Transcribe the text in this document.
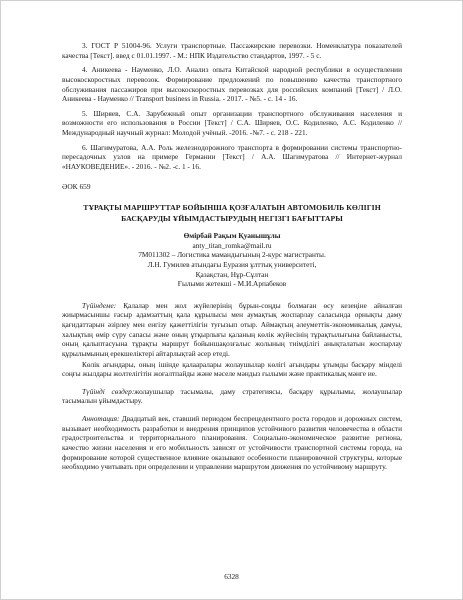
3. ГОСТ Р 51004-96. Услуги транспортные. Пассажирские перевозки. Номенклатура показателей качества [Текст]. введ с 01.01.1997. - М.: НПК Издательство стандартов, 1997. - 5 с.

4. Аникеева - Науменко, Л.О. Анализ опыта Китайской народной республики в осуществлении высокоскоростных перевозок. Формирование предложений по повышению качества транспортного обслуживания пассажиров при высокоскоростных перевозках для российских компаний [Текст] / Л.О. Аникеева - Науменко // Transport business in Russia. - 2017. - №5. - с. 14 - 16.

5. Ширяев, С.А. Зарубежный опыт организации транспортного обслуживания населения и возможности его использования в России [Текст] / С.А. Ширяев, О.С. Кодиленко, А.С. Кодиленко // Международный научный журнал: Молодой учёный. -2016. -№7. - с. 218 - 221.

6. Шагимуратова, А.А. Роль железнодорожного транспорта в формировании системы транспортно-пересадочных узлов на примере Германии [Текст] / А.А. Шагимуратова // Интернет-журнал «НАУКОВЕДЕНИЕ». - 2016. - №2. -с. 1 - 16.

ӘОК 659
ТҰРАҚТЫ МАРШРУТТАР БОЙЫНША ҚОЗҒАЛАТЫН АВТОМОБИЛЬ КӨЛІГІН БАСҚАРУДЫ ҰЙЫМДАСТЫРУДЫҢ НЕГІЗГІ БАҒЫТТАРЫ
Өмірбай Рақым Қуанышұлы
anty_titan_romka@mail.ru
7М011302 – Логистика мамандығының 2-курс магистранты.
Л.Н. Гумилев атындағы Еуразия ұлттық университеті,
Қазақстан, Нұр-Сұлтан
Ғылыми жетекші - М.И.Арпабеков

Түйіндеме: Қалалар мен жол жүйелерінің бұрын-соңды болмаған өсу кезеңіне айналған жиырмасыншы ғасыр адамзаттың қала құрылысы мен аумақтық жоспарлау саласында орнықты даму қағидаттарын әзірлеу мен енгізу қажеттілігін туғызып отыр. Аймақтың әлеуметтік-экономикалық дамуы, халықтың өмір сүру сапасы және оның ұтқырлығы қаланың көлік жүйесінің тұрақтылығына байланысты, оның қалыптасуына тұрақты маршрут бойыншақозғалыс жолының тиімділігі анықталатын жоспарлау құрылымының ерекшеліктері айтарлықтай әсер етеді.

Көлік ағындары, оның ішінде қалааралары жолаушылар көлігі ағындары ұтымды басқару мінделі соңғы жылдары жолтелігітін жоғалтпайды және мәселе мәндыз ғылыми және практикалық мәнге ие.

Түйінді сөздер:жолаушылар тасымалы, даму стратегиясы, басқару құрылымы, жолаушылар тасымалын ұйымдастыру.

Аннотация: Двадцатый век, ставший периодом беспрецедентного роста городов и дорожных систем, вызывает необходимость разработки и внедрения принципов устойчивого развития человечества в области градостроительства и территориального планирования. Социально-экономическое развитие региона, качество жизни населения и его мобильность зависят от устойчивости транспортной системы города, на формирование которой существенное влияние оказывают особенности планировочной структуры, которые необходимо учитывать при определении и управлении маршрутом движения по устойчивому маршруту.

6328
